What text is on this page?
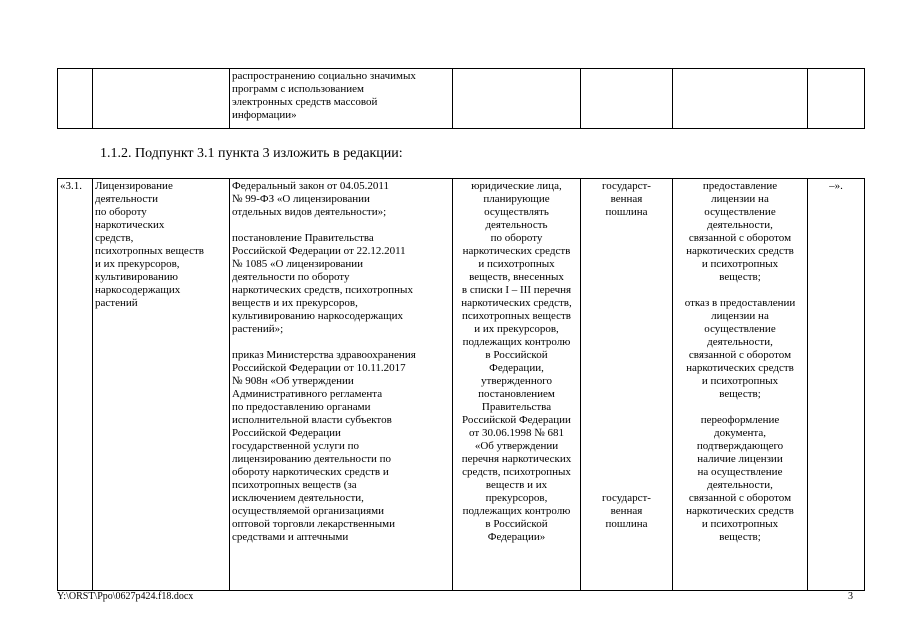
		распространению социально значимых
программ с использованием
электронных средств массовой
информации»				
1.1.2. Подпункт 3.1 пункта 3 изложить в редакции:
«3.1.	Лицензирование
деятельности
по обороту
наркотических
средств,
психотропных веществ
и их прекурсоров,
культивированию
наркосодержащих
растений	Федеральный закон от 04.05.2011
№ 99-ФЗ «О лицензировании
отдельных видов деятельности»;

постановление Правительства
Российской Федерации от 22.12.2011
№ 1085 «О лицензировании
деятельности по обороту
наркотических средств, психотропных
веществ и их прекурсоров,
культивированию наркосодержащих
растений»;

приказ Министерства здравоохранения
Российской Федерации от 10.11.2017
№ 908н «Об утверждении
Административного регламента
по предоставлению органами
исполнительной власти субъектов
Российской Федерации
государственной услуги по
лицензированию деятельности по
обороту наркотических средств и
психотропных веществ (за
исключением деятельности,
осуществляемой организациями
оптовой торговли лекарственными
средствами и аптечными	юридические лица,
планирующие
осуществлять
деятельность
по обороту
наркотических средств
и психотропных
веществ, внесенных
в списки I – III перечня
наркотических средств,
психотропных веществ
и их прекурсоров,
подлежащих контролю
в Российской
Федерации,
утвержденного
постановлением
Правительства
Российской Федерации
от 30.06.1998 № 681
«Об утверждении
перечня наркотических
средств, психотропных
веществ и их
прекурсоров,
подлежащих контролю
в Российской
Федерации»	государст-
венная
пошлина

государст-
венная
пошлина	предоставление
лицензии на
осуществление
деятельности,
связанной с оборотом
наркотических средств
и психотропных
веществ;

отказ в предоставлении
лицензии на
осуществление
деятельности,
связанной с оборотом
наркотических средств
и психотропных
веществ;

переоформление
документа,
подтверждающего
наличие лицензии
на осуществление
деятельности,
связанной с оборотом
наркотических средств
и психотропных
веществ;	–».
Y:\ORST\Ppo\0627p424.f18.docx	3
